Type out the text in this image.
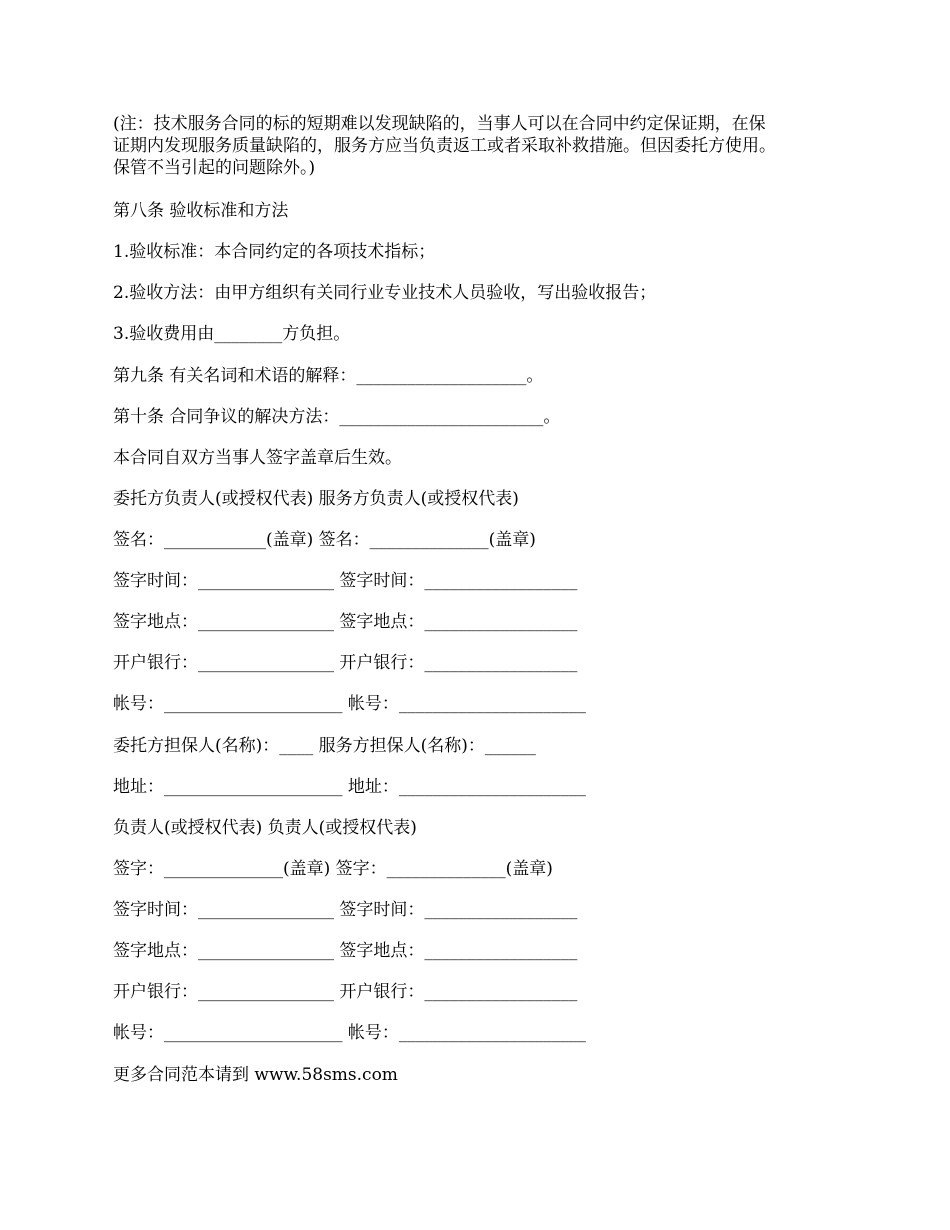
(注：技术服务合同的标的短期难以发现缺陷的，当事人可以在合同中约定保证期，在保
证期内发现服务质量缺陷的，服务方应当负责返工或者采取补救措施。但因委托方使用。
保管不当引起的问题除外。)
第八条 验收标准和方法
1.验收标准：本合同约定的各项技术指标；
2.验收方法：由甲方组织有关同行业专业技术人员验收，写出验收报告；
3.验收费用由________方负担。
第九条 有关名词和术语的解释：____________________。
第十条 合同争议的解决方法：________________________。
本合同自双方当事人签字盖章后生效。
委托方负责人(或授权代表) 服务方负责人(或授权代表)
签名：____________(盖章) 签名：______________(盖章)
签字时间：________________ 签字时间：__________________
签字地点：________________ 签字地点：__________________
开户银行：________________ 开户银行：__________________
帐号：_____________________ 帐号：______________________
委托方担保人(名称)：____ 服务方担保人(名称)：______
地址：_____________________ 地址：______________________
负责人(或授权代表) 负责人(或授权代表)
签字：______________(盖章) 签字：______________(盖章)
签字时间：________________ 签字时间：__________________
签字地点：________________ 签字地点：__________________
开户银行：________________ 开户银行：__________________
帐号：_____________________ 帐号：______________________
更多合同范本请到 www.58sms.com
